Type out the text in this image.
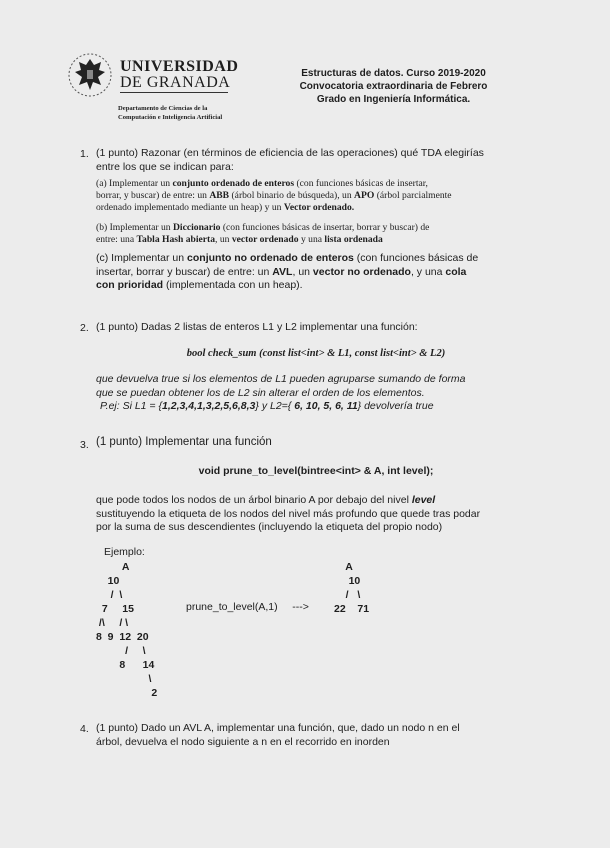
UNIVERSIDAD
DE GRANADA
Departamento de Ciencias de la
Computación e Inteligencia Artificial
Estructuras de datos. Curso 2019-2020
Convocatoria extraordinaria de Febrero
Grado en Ingeniería Informática.
1. (1 punto) Razonar (en términos de eficiencia de las operaciones) qué TDA elegirías
entre los que se indican para:
(a) Implementar un conjunto ordenado de enteros (con funciones básicas de insertar,
borrar, y buscar) de entre: un ABB (árbol binario de búsqueda), un APO (árbol parcialmente
ordenado implementado mediante un heap) y un Vector ordenado.
(b) Implementar un Diccionario (con funciones básicas de insertar, borrar y buscar) de
entre: una Tabla Hash abierta, un vector ordenado y una lista ordenada
(c) Implementar un conjunto no ordenado de enteros (con funciones básicas de
insertar, borrar y buscar) de entre: un AVL, un vector no ordenado, y una cola
con prioridad (implementada con un heap).
2. (1 punto) Dadas 2 listas de enteros L1 y L2 implementar una función:
bool check_sum (const list<int> & L1, const list<int> & L2)
que devuelva true si los elementos de L1 pueden agruparse sumando de forma
que se puedan obtener los de L2 sin alterar el orden de los elementos.
P.ej: Si L1 = {1,2,3,4,1,3,2,5,6,8,3} y L2={ 6, 10, 5, 6, 11} devolvería true
3. (1 punto) Implementar una función
void prune_to_level(bintree<int> & A, int level);
que pode todos los nodos de un árbol binario A por debajo del nivel level
sustituyendo la etiqueta de los nodos del nivel más profundo que quede tras podar
por la suma de sus descendientes (incluyendo la etiqueta del propio nodo)
Ejemplo:
A
10
/  \
7     15
/\     / \
8  9  12  20
/     \
8      14
\
2
prune_to_level(A,1)     --->
A
10
/   \
22    71
4. (1 punto) Dado un AVL A, implementar una función, que, dado un nodo n en el
árbol, devuelva el nodo siguiente a n en el recorrido en inorden
